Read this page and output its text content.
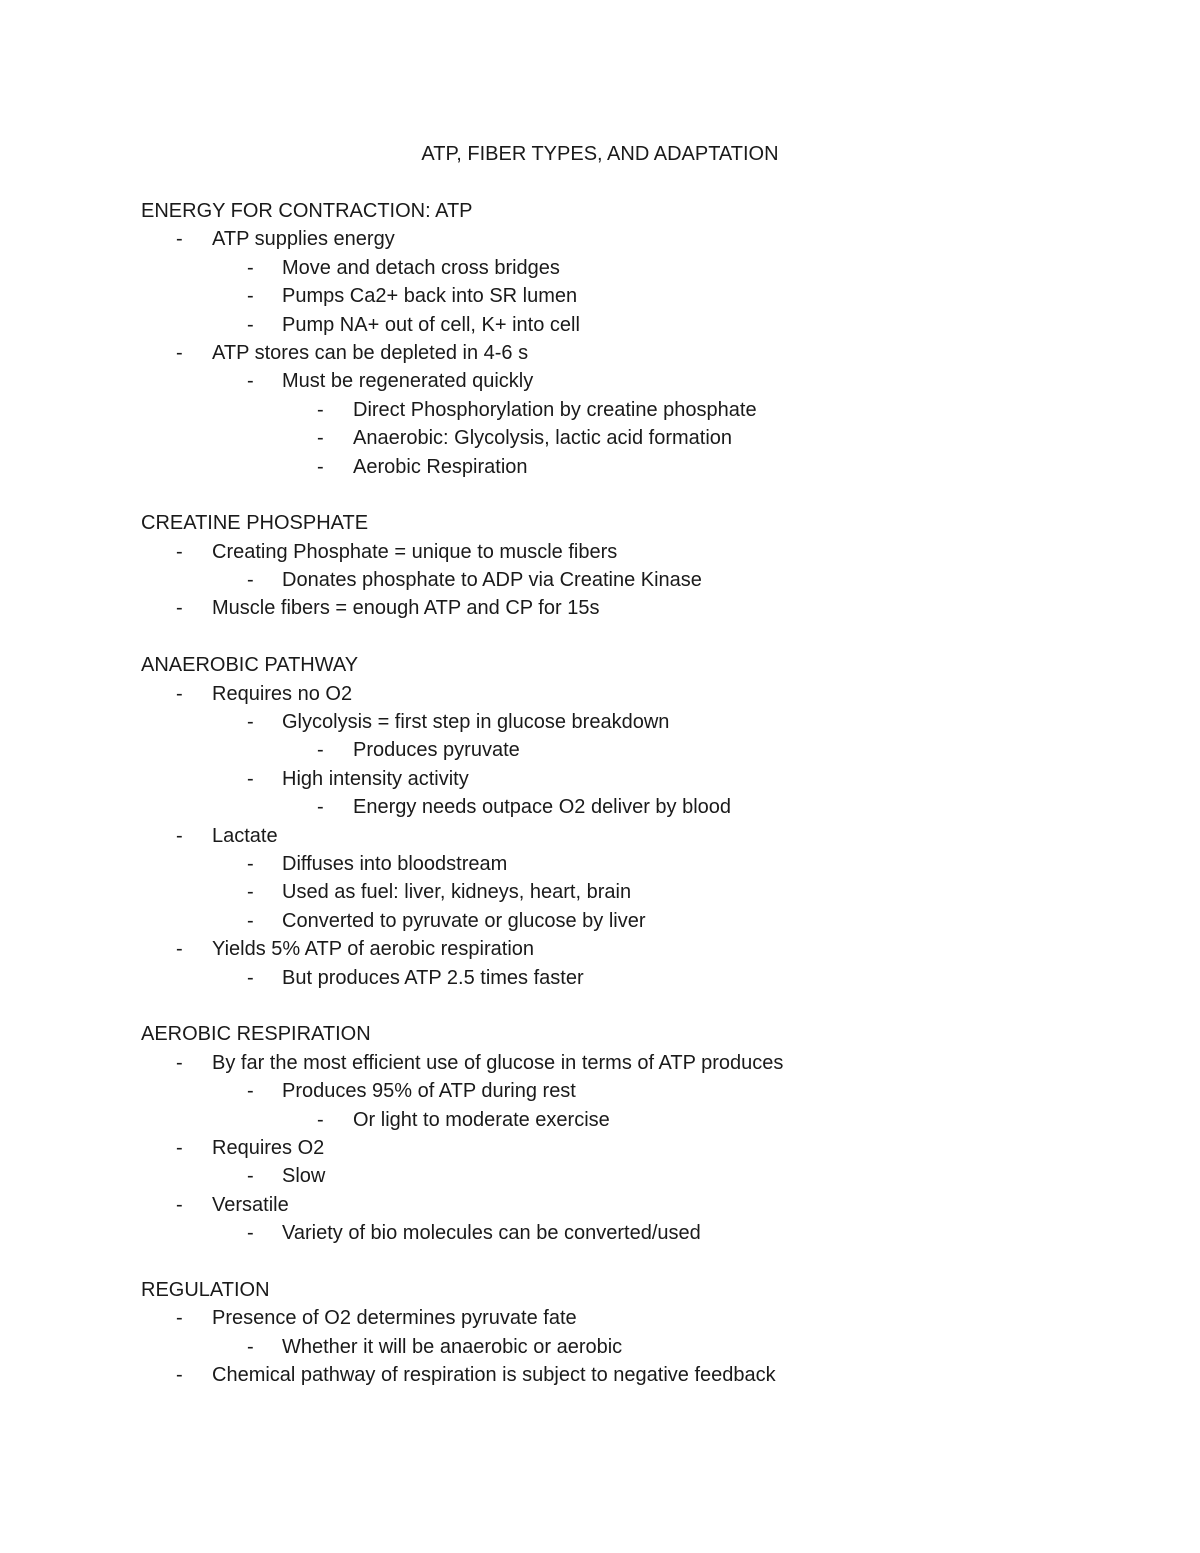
ATP, FIBER TYPES, AND ADAPTATION
ENERGY FOR CONTRACTION: ATP
- ATP supplies energy
- Move and detach cross bridges
- Pumps Ca2+ back into SR lumen
- Pump NA+ out of cell, K+ into cell
- ATP stores can be depleted in 4-6 s
- Must be regenerated quickly
- Direct Phosphorylation by creatine phosphate
- Anaerobic: Glycolysis, lactic acid formation
- Aerobic Respiration
CREATINE PHOSPHATE
- Creating Phosphate = unique to muscle fibers
- Donates phosphate to ADP via Creatine Kinase
- Muscle fibers = enough ATP and CP for 15s
ANAEROBIC PATHWAY
- Requires no O2
- Glycolysis = first step in glucose breakdown
- Produces pyruvate
- High intensity activity
- Energy needs outpace O2 deliver by blood
- Lactate
- Diffuses into bloodstream
- Used as fuel: liver, kidneys, heart, brain
- Converted to pyruvate or glucose by liver
- Yields 5% ATP of aerobic respiration
- But produces ATP 2.5 times faster
AEROBIC RESPIRATION
- By far the most efficient use of glucose in terms of ATP produces
- Produces 95% of ATP during rest
- Or light to moderate exercise
- Requires O2
- Slow
- Versatile
- Variety of bio molecules can be converted/used
REGULATION
- Presence of O2 determines pyruvate fate
- Whether it will be anaerobic or aerobic
- Chemical pathway of respiration is subject to negative feedback
